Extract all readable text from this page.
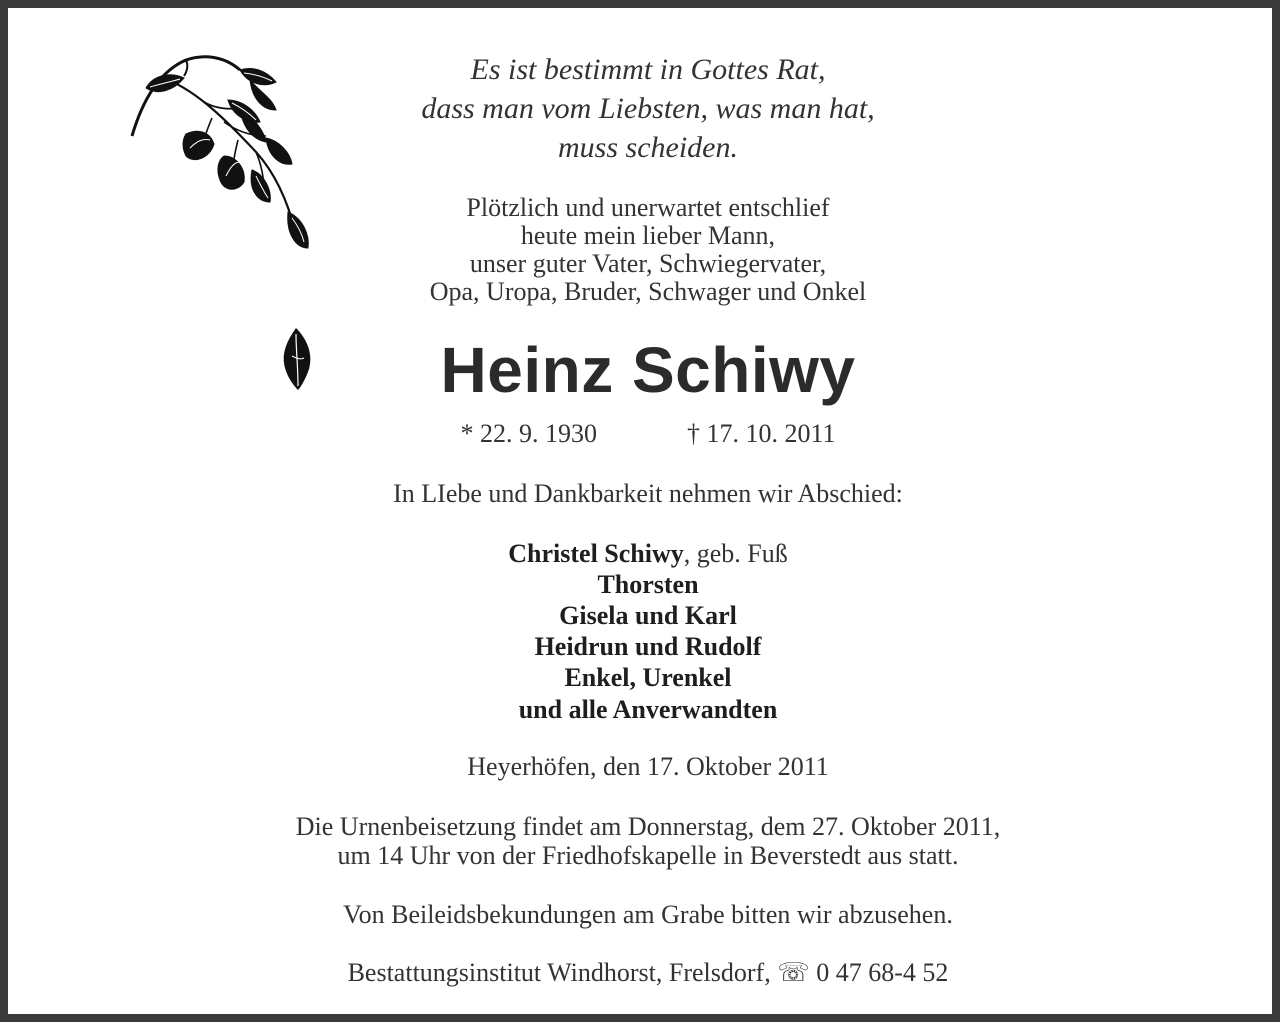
Es ist bestimmt in Gottes Rat,
dass man vom Liebsten, was man hat,
muss scheiden.
Plötzlich und unerwartet entschlief
heute mein lieber Mann,
unser guter Vater, Schwiegervater,
Opa, Uropa, Bruder, Schwager und Onkel
Heinz Schiwy
* 22. 9. 1930	† 17. 10. 2011
In LIebe und Dankbarkeit nehmen wir Abschied:
Christel Schiwy, geb. Fuß
Thorsten
Gisela und Karl
Heidrun und Rudolf
Enkel, Urenkel
und alle Anverwandten
Heyerhöfen, den 17. Oktober 2011
Die Urnenbeisetzung findet am Donnerstag, dem 27. Oktober 2011,
um 14 Uhr von der Friedhofskapelle in Beverstedt aus statt.
Von Beileidsbekundungen am Grabe bitten wir abzusehen.
Bestattungsinstitut Windhorst, Frelsdorf, ☏ 0 47 68-4 52
